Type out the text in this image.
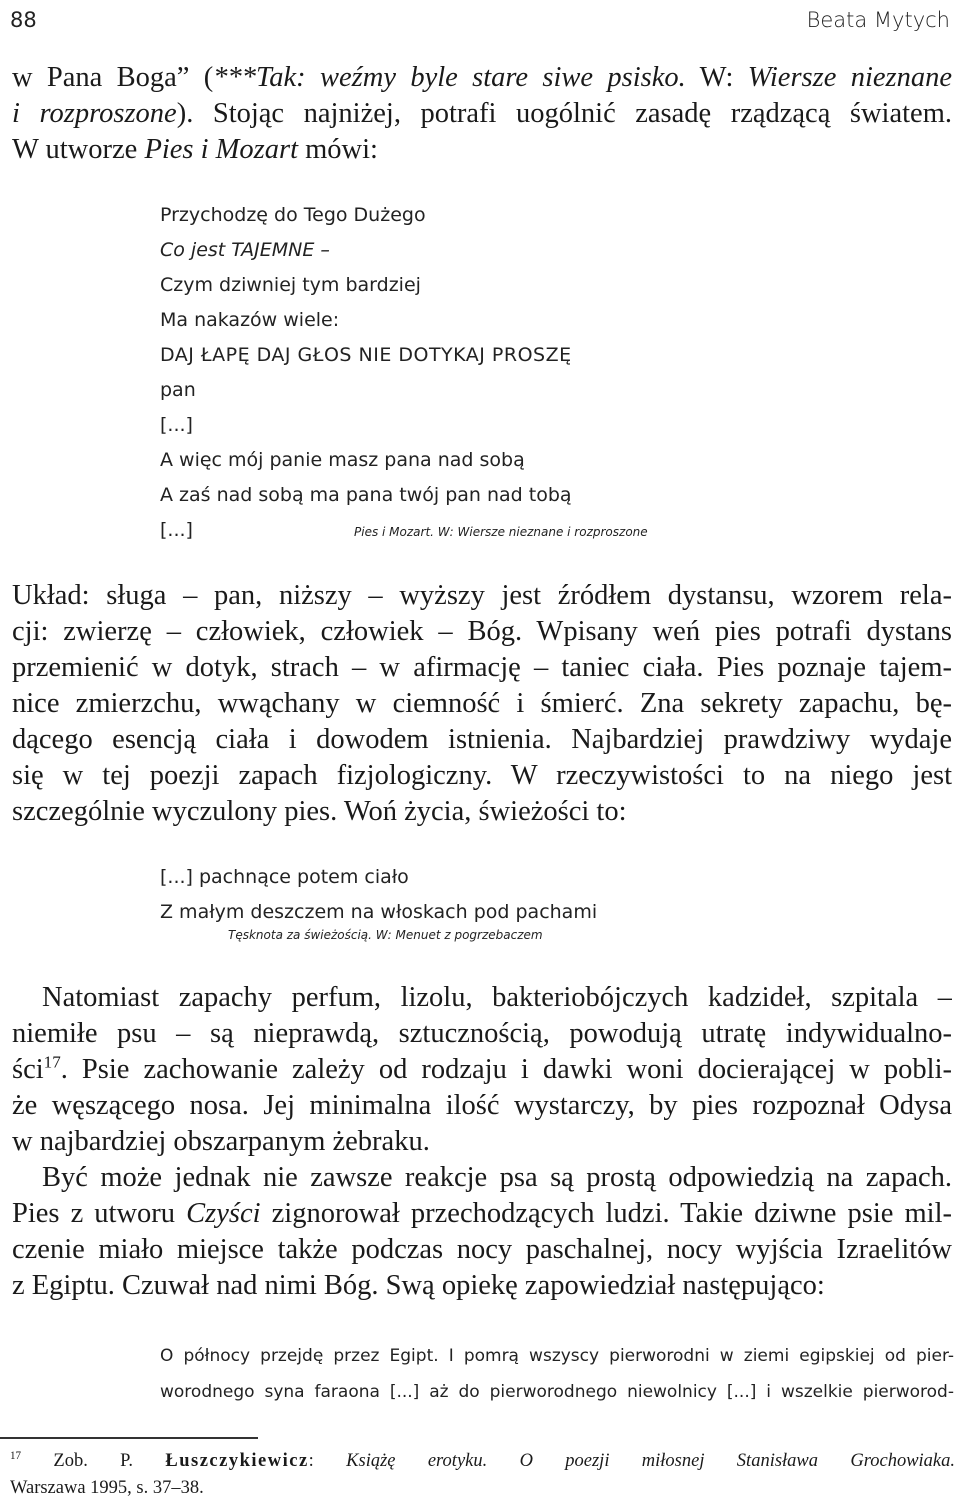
88	Beata Mytych
w Pana Boga” (***Tak: weźmy byle stare siwe psisko. W: Wiersze nieznane
i rozproszone). Stojąc najniżej, potrafi uogólnić zasadę rządzącą światem.
W utworze Pies i Mozart mówi:
Przychodzę do Tego Dużego
Co jest TAJEMNE –
Czym dziwniej tym bardziej
Ma nakazów wiele:
DAJ ŁAPĘ DAJ GŁOS NIE DOTYKAJ PROSZĘ
pan
[...]
A więc mój panie masz pana nad sobą
A zaś nad sobą ma pana twój pan nad tobą
[...]	Pies i Mozart. W: Wiersze nieznane i rozproszone
Układ: sługa – pan, niższy – wyższy jest źródłem dystansu, wzorem rela-
cji: zwierzę – człowiek, człowiek – Bóg. Wpisany weń pies potrafi dystans
przemienić w dotyk, strach – w afirmację – taniec ciała. Pies poznaje tajem-
nice zmierzchu, wwąchany w ciemność i śmierć. Zna sekrety zapachu, bę-
dącego esencją ciała i dowodem istnienia. Najbardziej prawdziwy wydaje
się w tej poezji zapach fizjologiczny. W rzeczywistości to na niego jest
szczególnie wyczulony pies. Woń życia, świeżości to:
[...] pachnące potem ciało
Z małym deszczem na włoskach pod pachami
Tęsknota za świeżością. W: Menuet z pogrzebaczem
Natomiast zapachy perfum, lizolu, bakteriobójczych kadzideł, szpitala –
niemiłe psu – są nieprawdą, sztucznością, powodują utratę indywidualno-
ści$^{17}$. Psie zachowanie zależy od rodzaju i dawki woni docierającej w pobli-
że węszącego nosa. Jej minimalna ilość wystarczy, by pies rozpoznał Odysa
w najbardziej obszarpanym żebraku.
Być może jednak nie zawsze reakcje psa są prostą odpowiedzią na zapach.
Pies z utworu Czyści zignorował przechodzących ludzi. Takie dziwne psie mil-
czenie miało miejsce także podczas nocy paschalnej, nocy wyjścia Izraelitów
z Egiptu. Czuwał nad nimi Bóg. Swą opiekę zapowiedział następująco:
O północy przejdę przez Egipt. I pomrą wszyscy pierworodni w ziemi egipskiej od pier-
worodnego syna faraona [...] aż do pierworodnego niewolnicy [...] i wszelkie pierworod-
$^{17}$ Zob. P. Łuszczykiewicz: Książę erotyku. O poezji miłosnej Stanisława Grochowiaka.
Warszawa 1995, s. 37–38.
